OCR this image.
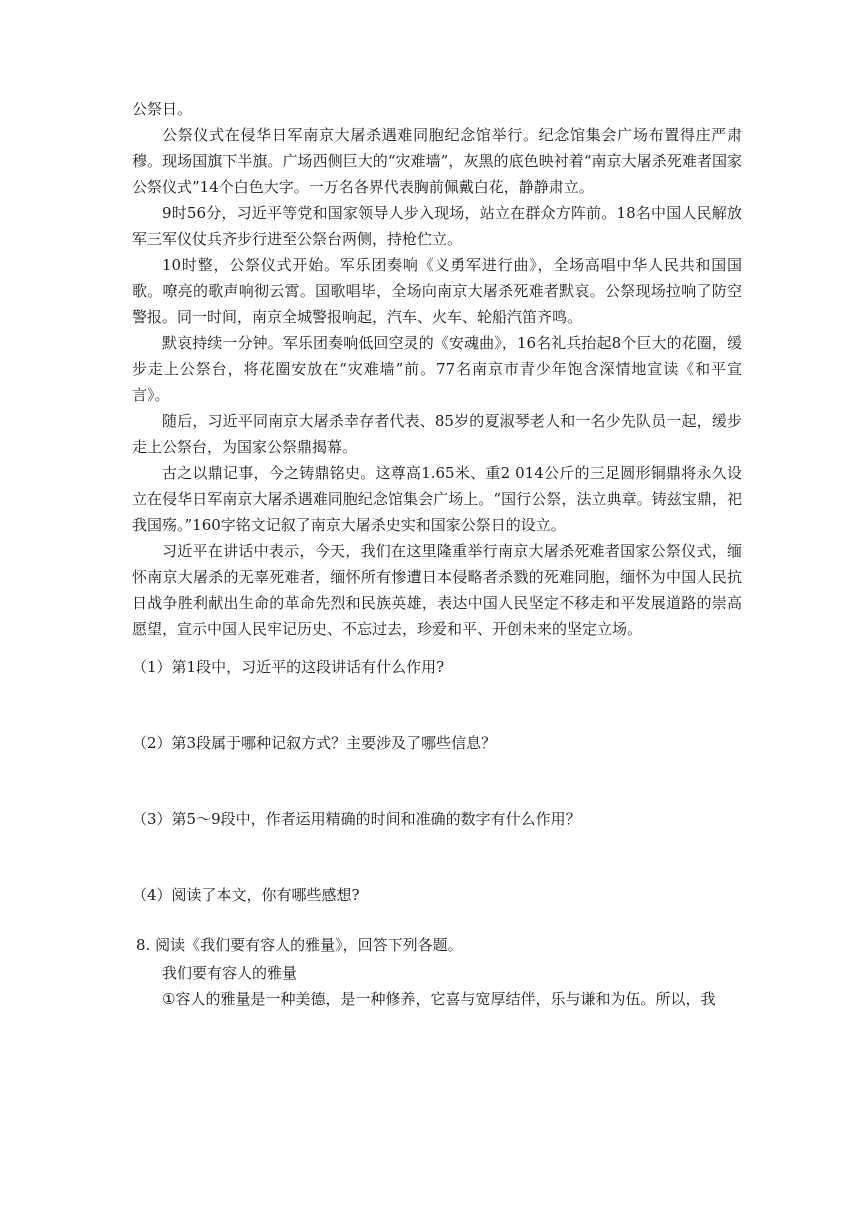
公祭日。

公祭仪式在侵华日军南京大屠杀遇难同胞纪念馆举行。纪念馆集会广场布置得庄严肃穆。现场国旗下半旗。广场西侧巨大的“灾难墙”，灰黑的底色映衬着“南京大屠杀死难者国家公祭仪式”14个白色大字。一万名各界代表胸前佩戴白花，静静肃立。

9时56分，习近平等党和国家领导人步入现场，站立在群众方阵前。18名中国人民解放军三军仪仗兵齐步行进至公祭台两侧，持枪伫立。

10时整，公祭仪式开始。军乐团奏响《义勇军进行曲》，全场高唱中华人民共和国国歌。嘹亮的歌声响彻云霄。国歌唱毕，全场向南京大屠杀死难者默哀。公祭现场拉响了防空警报。同一时间，南京全城警报响起，汽车、火车、轮船汽笛齐鸣。

默哀持续一分钟。军乐团奏响低回空灵的《安魂曲》，16名礼兵抬起8个巨大的花圈，缓步走上公祭台，将花圈安放在“灾难墙”前。77名南京市青少年饱含深情地宣读《和平宣言》。

随后，习近平同南京大屠杀幸存者代表、85岁的夏淑琴老人和一名少先队员一起，缓步走上公祭台，为国家公祭鼎揭幕。

古之以鼎记事，今之铸鼎铭史。这尊高1.65米、重2 014公斤的三足圆形铜鼎将永久设立在侵华日军南京大屠杀遇难同胞纪念馆集会广场上。“国行公祭，法立典章。铸兹宝鼎，祀我国殇。”160字铭文记叙了南京大屠杀史实和国家公祭日的设立。

习近平在讲话中表示，今天，我们在这里隆重举行南京大屠杀死难者国家公祭仪式，缅怀南京大屠杀的无辜死难者，缅怀所有惨遭日本侵略者杀戮的死难同胞，缅怀为中国人民抗日战争胜利献出生命的革命先烈和民族英雄，表达中国人民坚定不移走和平发展道路的崇高愿望，宣示中国人民牢记历史、不忘过去，珍爱和平、开创未来的坚定立场。

（1）第1段中，习近平的这段讲话有什么作用?

（2）第3段属于哪种记叙方式？主要涉及了哪些信息？

（3）第5～9段中，作者运用精确的时间和准确的数字有什么作用？

（4）阅读了本文，你有哪些感想?

8. 阅读《我们要有容人的雅量》，回答下列各题。

我们要有容人的雅量

①容人的雅量是一种美德，是一种修养，它喜与宽厚结伴，乐与谦和为伍。所以，我
